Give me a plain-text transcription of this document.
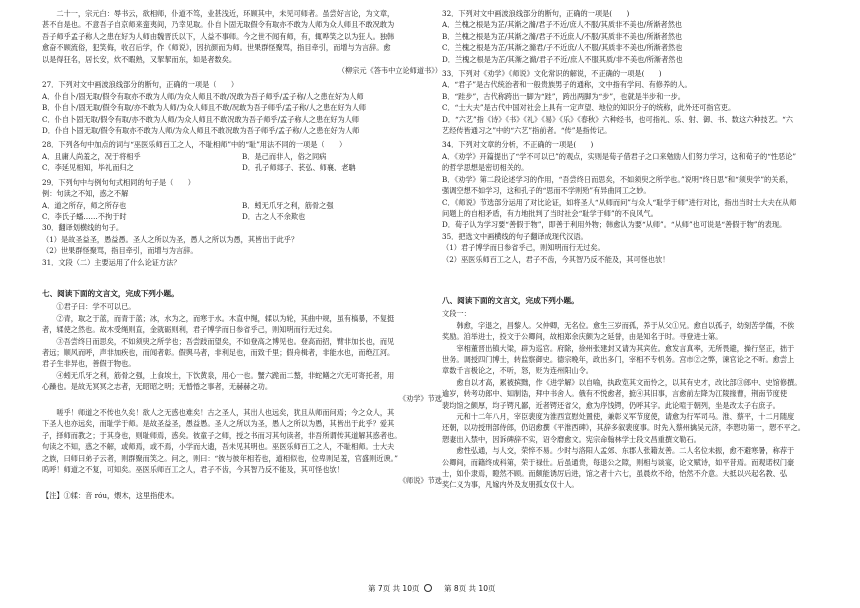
　　二十一，宗元白：辱书云，欲相师，仆道不笃，业甚浅近，环顾其中，未见可师者。虽尝好言论，为文章，

甚不自是也。不意吾子自京师来蛮夷间，乃幸见取。仆自卜固无取假令有取亦不敢为人师为众人师且不敢况敢为

吾子师乎孟子称人之患在好为人师由魏晋氏以下，人益不事师。今之世不闻有师，有，辄哗笑之以为狂人。独韩

愈奋不顾流俗，犯笑侮，收召后学，作《师说》，因抗颜而为师。世果群怪聚骂，指目牵引，而增与为言辞。愈

以是得狂名，居长安，炊不暇熟，又挈挈而东，如是者数矣。

（柳宗元《答韦中立论师道书》）

27．下列对文中画波浪线部分的断句，正确的一项是（　　）

A．仆自卜/固无取/假令有取亦不敢为人师/为众人师且不敢/况敢为吾子师乎/孟子称/人之患在好为人师

B．仆自卜/固无取/假令有取/亦不敢为人师/为众人师且不敢/况敢为吾子师乎/孟子称/人之患在好为人师

C．仆自卜固无取/假令有取/亦不敢为人师/为众人师且不敢况敢为吾子师乎/孟子称人之患在好为人师

D．仆自卜固无取/假令有取亦不敢为人师/为众人师且不敢况敢为吾子师乎/孟子称/人之患在好为人师

28．下列各句中加点的词与“巫医乐师百工之人，不耻相师”中的“耻”用法不同的一项是（　　）

A．且庸人尚羞之，况于将相乎	B．是己而非人，俗之同病
C．李延见相知，毕礼而归之	D．孔子师郯子、苌弘、师襄、老聃

29．下列句中与例句句式相同的句子是（　　）

例：句读之不知，惑之不解

A．道之所存，师之所存也	B．蚓无爪牙之利，筋骨之强
C．李氏子蟠……不拘于时	D．古之人不余欺也

30．翻译划横线的句子。

（1）是故圣益圣，愚益愚。圣人之所以为圣，愚人之所以为愚，其皆出于此乎？

（2）世果群怪聚骂，指目牵引，而增与为言辞。

31．文段（二）主要运用了什么论证方法？

七、阅读下面的文言文，完成下列小题。

　　①君子曰：学不可以已。

　　②青，取之于蓝，而青于蓝；冰，水为之，而寒于水。木直中绳，𫐓以为轮，其曲中规，虽有槁暴，不复挺

者，𫐓使之然也。故木受绳则直，金就砺则利，君子博学而日参省乎己，则知明而行无过矣。

　　③吾尝终日而思矣，不如须臾之所学也；吾尝跂而望矣，不如登高之博见也。登高而招，臂非加长也，而见

者远；顺风而呼，声非加疾也，而闻者彰。假舆马者，非利足也，而致千里；假舟楫者，非能水也，而绝江河。

君子生非异也，善假于物也。

　　④蚓无爪牙之利，筋骨之强，上食埃土，下饮黄泉，用心一也。蟹六跪而二螯，非蛇鳝之穴无可寄托者，用

心躁也。是故无冥冥之志者，无昭昭之明；无惛惛之事者，无赫赫之功。

《劝学》节选

　　嗟乎！师道之不传也久矣！欲人之无惑也难矣！古之圣人，其出人也远矣，犹且从师而问焉；今之众人，其

下圣人也亦远矣，而耻学于师。是故圣益圣，愚益愚。圣人之所以为圣，愚人之所以为愚，其皆出于此乎？爱其

子，择师而教之；于其身也，则耻师焉，惑矣。彼童子之师，授之书而习其句读者，非吾所谓传其道解其惑者也。

句读之不知，惑之不解，或师焉，或不焉，小学而大遗，吾未见其明也。巫医乐师百工之人，不耻相师。士大夫

之族，曰师曰弟子云者，则群聚而笑之。问之，则曰：“彼与彼年相若也，道相似也，位卑则足羞，官盛则近谀。”

呜呼！师道之不复，可知矣。巫医乐师百工之人，君子不齿，今其智乃反不能及，其可怪也欤！

《师说》节选

【注】①𫐓：音 róu，煨木，这里指使木。

32．下列对文中画波浪线部分的断句，正确的一项是(　　)

A．兰槐之根是为芷/其渐之滫/君子不近/庶人不服/其质非不美也/所渐者然也

B．兰槐之根是为芷/其渐之滫/君子不近庶人/不服/其质非不美也/所渐者然也

C．兰槐之根是为芷/其渐之滫君/子不近庶/人不服/其质非不美也/所渐者然也

D．兰槐之根是为芷/其渐之滫/君子不近/庶人不服其质/非不美也/所渐者然也

33．下列对《劝学》《师说》文化常识的解说，不正确的一项是(　　)

A．“君子”是古代统治者和一般贵族男子的通称，文中指有学问、有修养的人。

B．“跬步”，古代称跨出一脚为“跬”，跨出两脚为“步”，也就是半步和一步。

C．“士大夫”是古代中国对社会上具有一定声望、地位的知识分子的统称，此外还可指官吏。

D．“六艺”指《诗》《书》《礼》《易》《乐》《春秋》六种经书，也可指礼、乐、射、御、书、数这六种技艺。“六

艺经传皆通习之”中的“六艺”指前者。“传”是指传记。

34．下列对文章的分析，不正确的一项是(　　)

A．《劝学》开篇提出了“学不可以已”的观点，实则是荀子借君子之口来勉励人们努力学习，这和荀子的“性恶论”

的哲学思想是密切相关的。

B．《劝学》第二段论述学习的作用，“吾尝终日而思矣，不如须臾之所学也。”说明“终日思”和“须臾学”的关系，

强调空想不如学习，这和孔子的“思而不学则殆”有异曲同工之妙。

C．《师说》节选部分运用了对比论证，如将圣人“从师而问”与众人“耻学于师”进行对比，指出当时士大夫在从师

问题上的自相矛盾，有力地批判了当时社会“耻学于师”的不良风气。

D．荀子认为学习要“善假于物”，即善于利用外物；韩愈认为要“从师”。“从师”也可说是“善假于物”的表现。

35．把选文中画横线的句子翻译成现代汉语。

（1）君子博学而日参省乎己，则知明而行无过矣。

（2）巫医乐师百工之人，君子不齿，今其智乃反不能及，其可怪也欤！

八、阅读下面的文言文，完成下列小题。

文段一：

　　韩愈，字退之，昌黎人。父仲卿，无名位。愈生三岁而孤，养于从父①兄。愈自以孤子，幼刻苦学儒，不俟

奖励。洎举进士，投文于公卿间，故相郑余庆颇为之延誉，由是知名于时。寻登进士第。

　　宰相董晋出镇大梁，辟为巡官。府除，徐州张建封又请为其宾佐。愈发言真率，无所畏避，操行坚正，拙于

世务。调授四门博士，转监察御史。德宗晚年，政出多门，宰相不专机务。宫市②之弊，谏官论之不听。愈尝上

章数千言极论之，不听，怒，贬为连州阳山令。

　　愈自以才高，累被摈黜，作《进学解》以自喻，执政览其文而怜之，以其有史才，改比部③郎中、史馆修撰。

逾岁，转考功郎中、知制诰，拜中书舍人。俄有不悦愈者，摭④其旧事，言愈前左降为江陵掾曹，荆南节度使

裴均馆之颇厚，均子锷凡鄙，近者锷还省父，愈为序饯锷，仍呼其字。此论喧于朝列，坐是改太子右庶子。

　　元和十二年八月，宰臣裴度为淮西宣慰处置使，兼彰义军节度使，请愈为行军司马。淮、蔡平，十二月随度

还朝，以功授刑部侍郎，仍诏愈撰《平淮西碑》，其辞多叙裴度事。时先入蔡州擒吴元济，李愬功第一，愬不平之。

愬妻出入禁中，因诉碑辞不实，诏令磨愈文。宪宗命翰林学士段文昌重撰文勒石。

　　愈性弘通，与人交，荣悴不易。少时与洛阳人孟郊、东郡人张籍友善。二人名位未振，愈不避寒暑，称荐于

公卿间，而籍终成科第，荣于禄仕。后虽通贵，每退公之隙，则相与谈宴，论文赋诗，如平昔焉。而观诺权门豪

士，如仆隶焉，瞪然不顾。而颇能诱厉后进，馆之者十六七，虽晨炊不给，怡然不介意。大抵以兴起名教、弘

奖仁义为事，凡嫁内外及友朋孤女仅十人。

第 7页 共 10页	第 8页 共 10页
